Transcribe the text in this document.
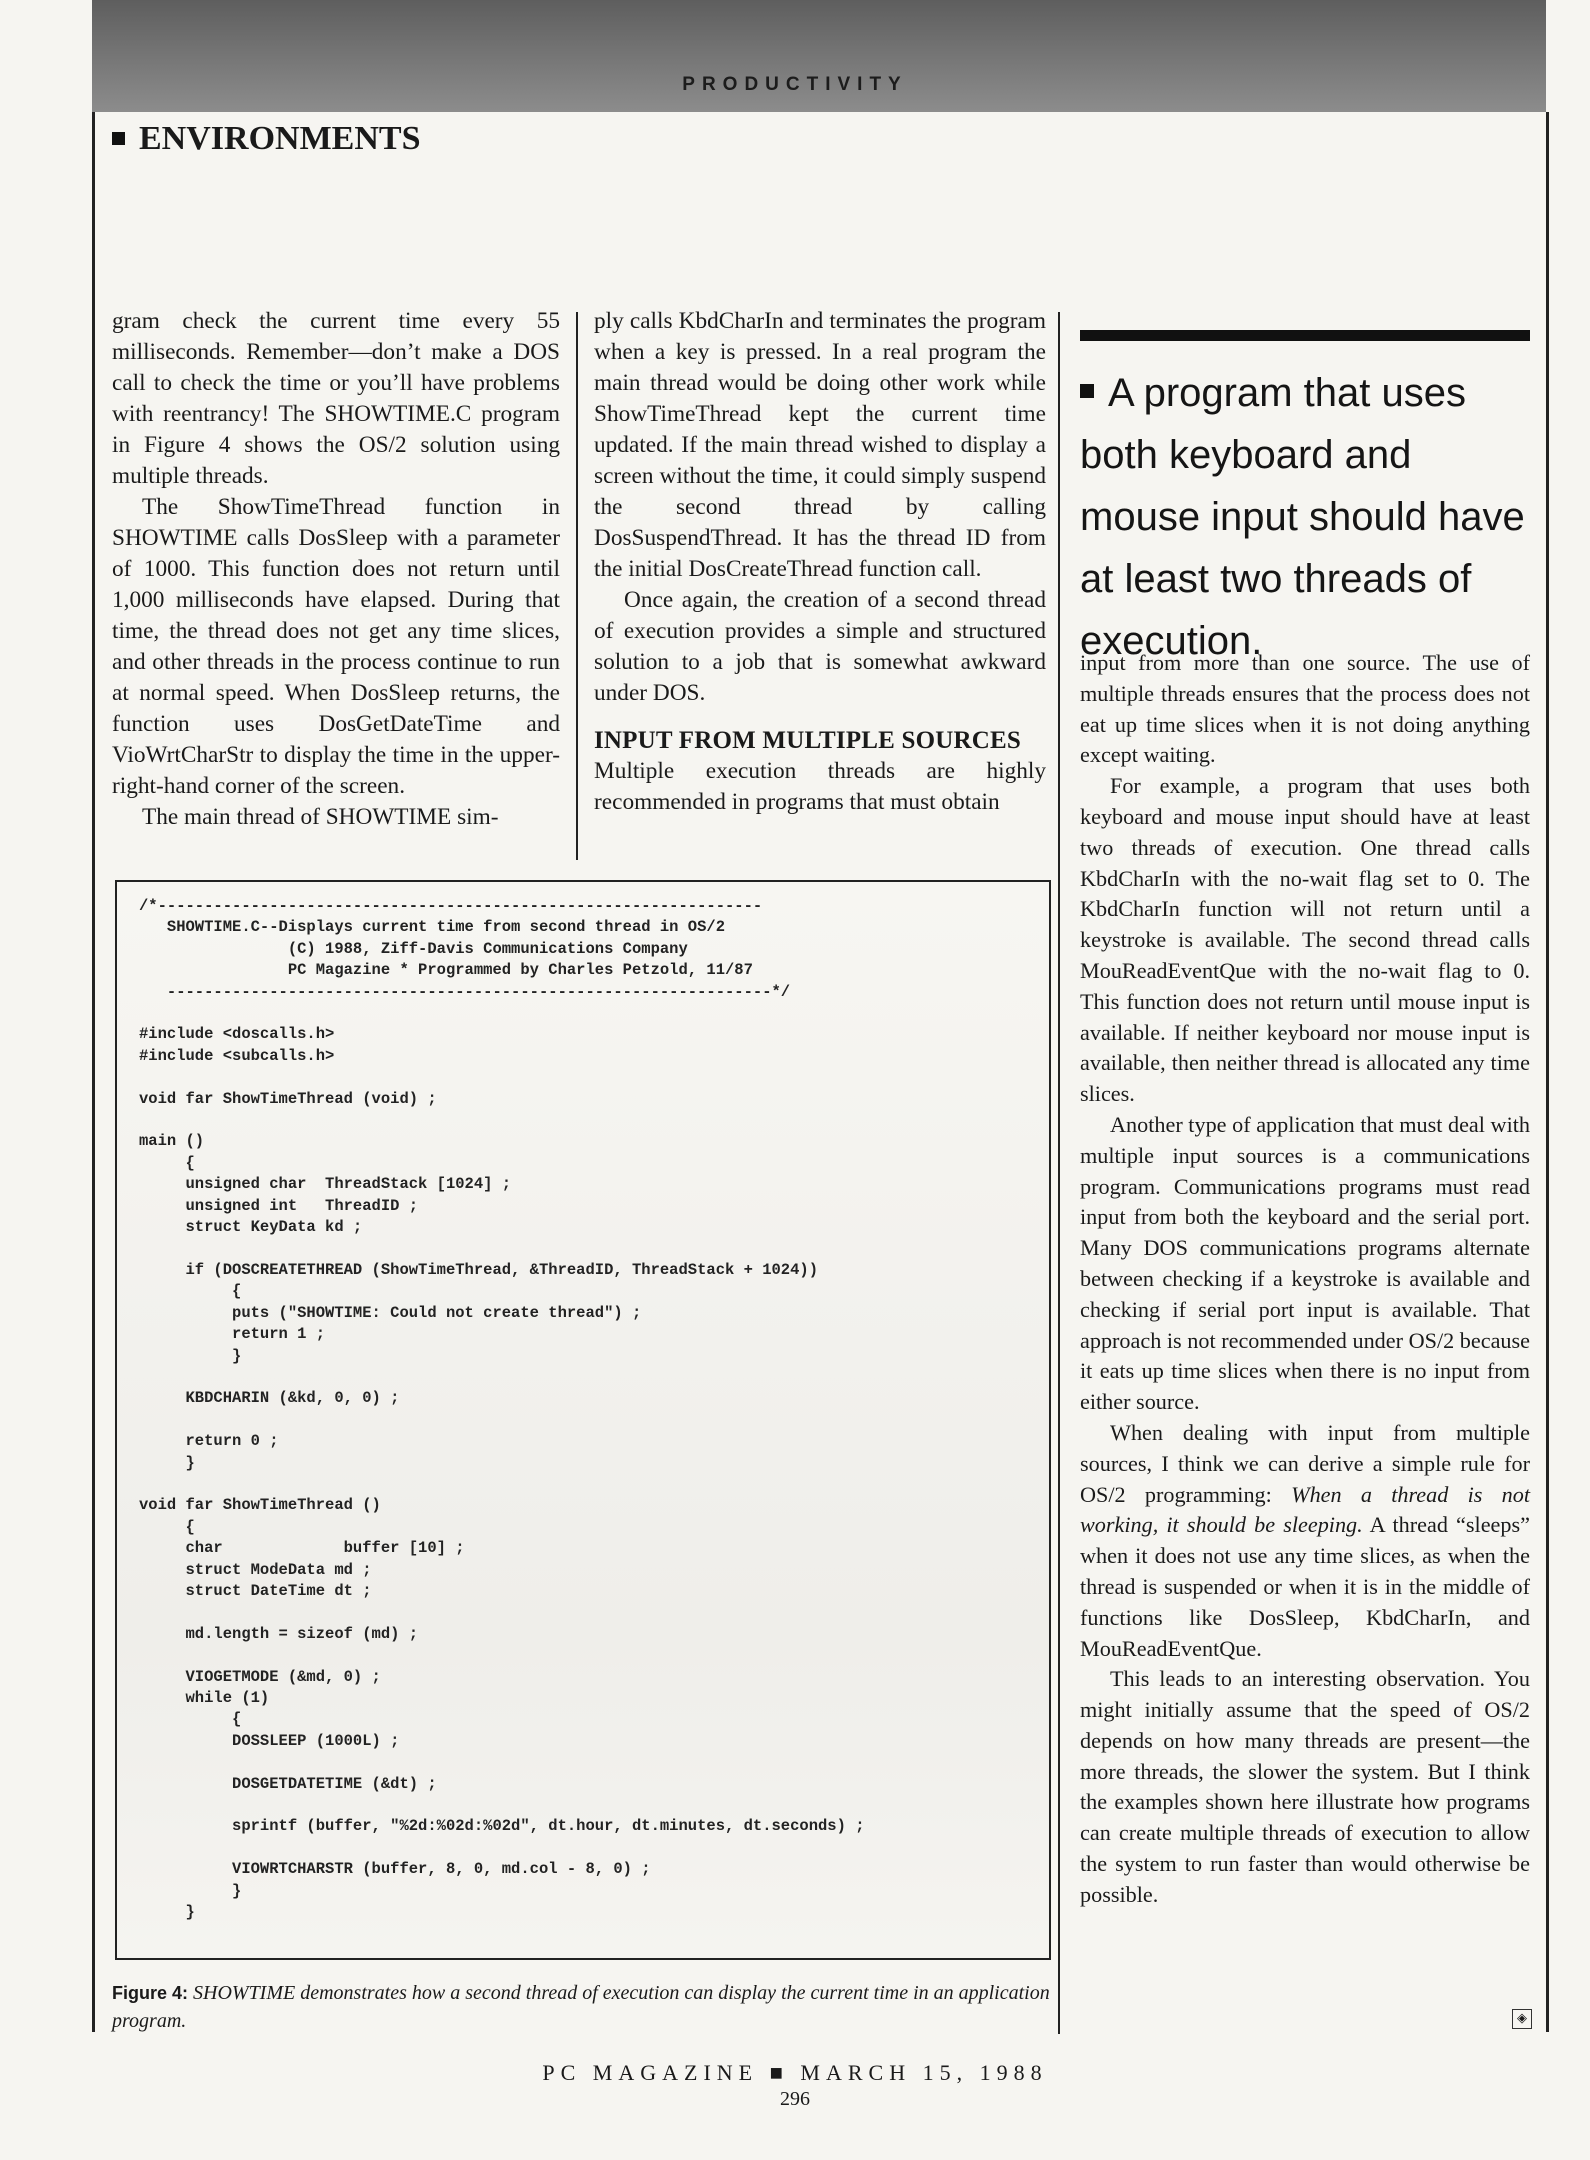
PRODUCTIVITY
ENVIRONMENTS

gram check the current time every 55 milliseconds. Remember—don’t make a DOS call to check the time or you’ll have problems with reentrancy! The SHOWTIME.C program in Figure 4 shows the OS/2 solution using multiple threads.

The ShowTimeThread function in SHOWTIME calls DosSleep with a parameter of 1000. This function does not return until 1,000 milliseconds have elapsed. During that time, the thread does not get any time slices, and other threads in the process continue to run at normal speed. When DosSleep returns, the function uses DosGetDateTime and VioWrtCharStr to display the time in the upper-right-hand corner of the screen.

The main thread of SHOWTIME sim-

ply calls KbdCharIn and terminates the program when a key is pressed. In a real program the main thread would be doing other work while ShowTimeThread kept the current time updated. If the main thread wished to display a screen without the time, it could simply suspend the second thread by calling DosSuspendThread. It has the thread ID from the initial DosCreateThread function call.

Once again, the creation of a second thread of execution provides a simple and structured solution to a job that is somewhat awkward under DOS.

INPUT FROM MULTIPLE SOURCES

Multiple execution threads are highly recommended in programs that must obtain

A program that uses both keyboard and mouse input should have at least two threads of execution.

input from more than one source. The use of multiple threads ensures that the process does not eat up time slices when it is not doing anything except waiting.

For example, a program that uses both keyboard and mouse input should have at least two threads of execution. One thread calls KbdCharIn with the no-wait flag set to 0. The KbdCharIn function will not return until a keystroke is available. The second thread calls MouReadEventQue with the no-wait flag to 0. This function does not return until mouse input is available. If neither keyboard nor mouse input is available, then neither thread is allocated any time slices.

Another type of application that must deal with multiple input sources is a communications program. Communications programs must read input from both the keyboard and the serial port. Many DOS communications programs alternate between checking if a keystroke is available and checking if serial port input is available. That approach is not recommended under OS/2 because it eats up time slices when there is no input from either source.

When dealing with input from multiple sources, I think we can derive a simple rule for OS/2 programming: When a thread is not working, it should be sleeping. A thread “sleeps” when it does not use any time slices, as when the thread is suspended or when it is in the middle of functions like DosSleep, KbdCharIn, and MouReadEventQue.

This leads to an interesting observation. You might initially assume that the speed of OS/2 depends on how many threads are present—the more threads, the slower the system. But I think the examples shown here illustrate how programs can create multiple threads of execution to allow the system to run faster than would otherwise be possible.

/*-----------------------------------------------------------------
SHOWTIME.C--Displays current time from second thread in OS/2
(C) 1988, Ziff-Davis Communications Company
PC Magazine * Programmed by Charles Petzold, 11/87
-----------------------------------------------------------------*/

#include <doscalls.h>
#include <subcalls.h>

void far ShowTimeThread (void) ;

main ()
{
unsigned char  ThreadStack [1024] ;
unsigned int   ThreadID ;
struct KeyData kd ;

if (DOSCREATETHREAD (ShowTimeThread, &ThreadID, ThreadStack + 1024))
{
puts ("SHOWTIME: Could not create thread") ;
return 1 ;
}

KBDCHARIN (&kd, 0, 0) ;

return 0 ;
}

void far ShowTimeThread ()
{
char             buffer [10] ;
struct ModeData md ;
struct DateTime dt ;

md.length = sizeof (md) ;

VIOGETMODE (&md, 0) ;
while (1)
{
DOSSLEEP (1000L) ;

DOSGETDATETIME (&dt) ;

sprintf (buffer, "%2d:%02d:%02d", dt.hour, dt.minutes, dt.seconds) ;

VIOWRTCHARSTR (buffer, 8, 0, md.col - 8, 0) ;
}
}
Figure 4: SHOWTIME demonstrates how a second thread of execution can display the current time in an application program.	◈
PC MAGAZINE ■ MARCH 15, 1988
296
